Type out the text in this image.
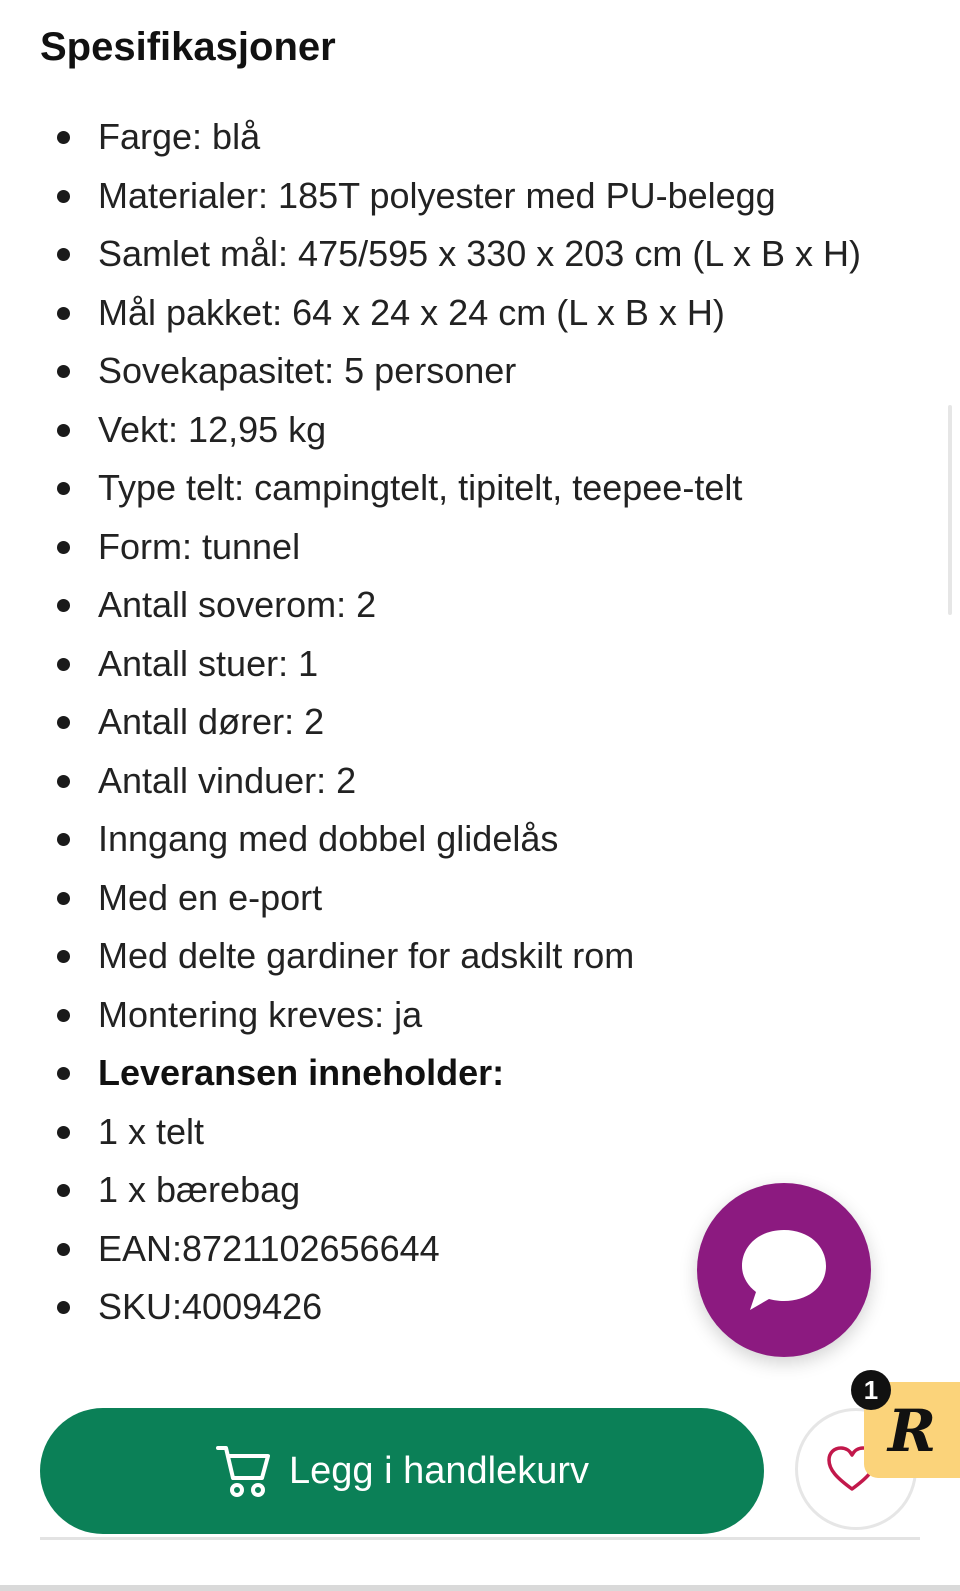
Spesifikasjoner
Farge: blå
Materialer: 185T polyester med PU-belegg
Samlet mål: 475/595 x 330 x 203 cm (L x B x H)
Mål pakket: 64 x 24 x 24 cm (L x B x H)
Sovekapasitet: 5 personer
Vekt: 12,95 kg
Type telt: campingtelt, tipitelt, teepee-telt
Form: tunnel
Antall soverom: 2
Antall stuer: 1
Antall dører: 2
Antall vinduer: 2
Inngang med dobbel glidelås
Med en e-port
Med delte gardiner for adskilt rom
Montering kreves: ja
Leveransen inneholder:
1 x telt
1 x bærebag
EAN:8721102656644
SKU:4009426
Legg i handlekurv
R
1
